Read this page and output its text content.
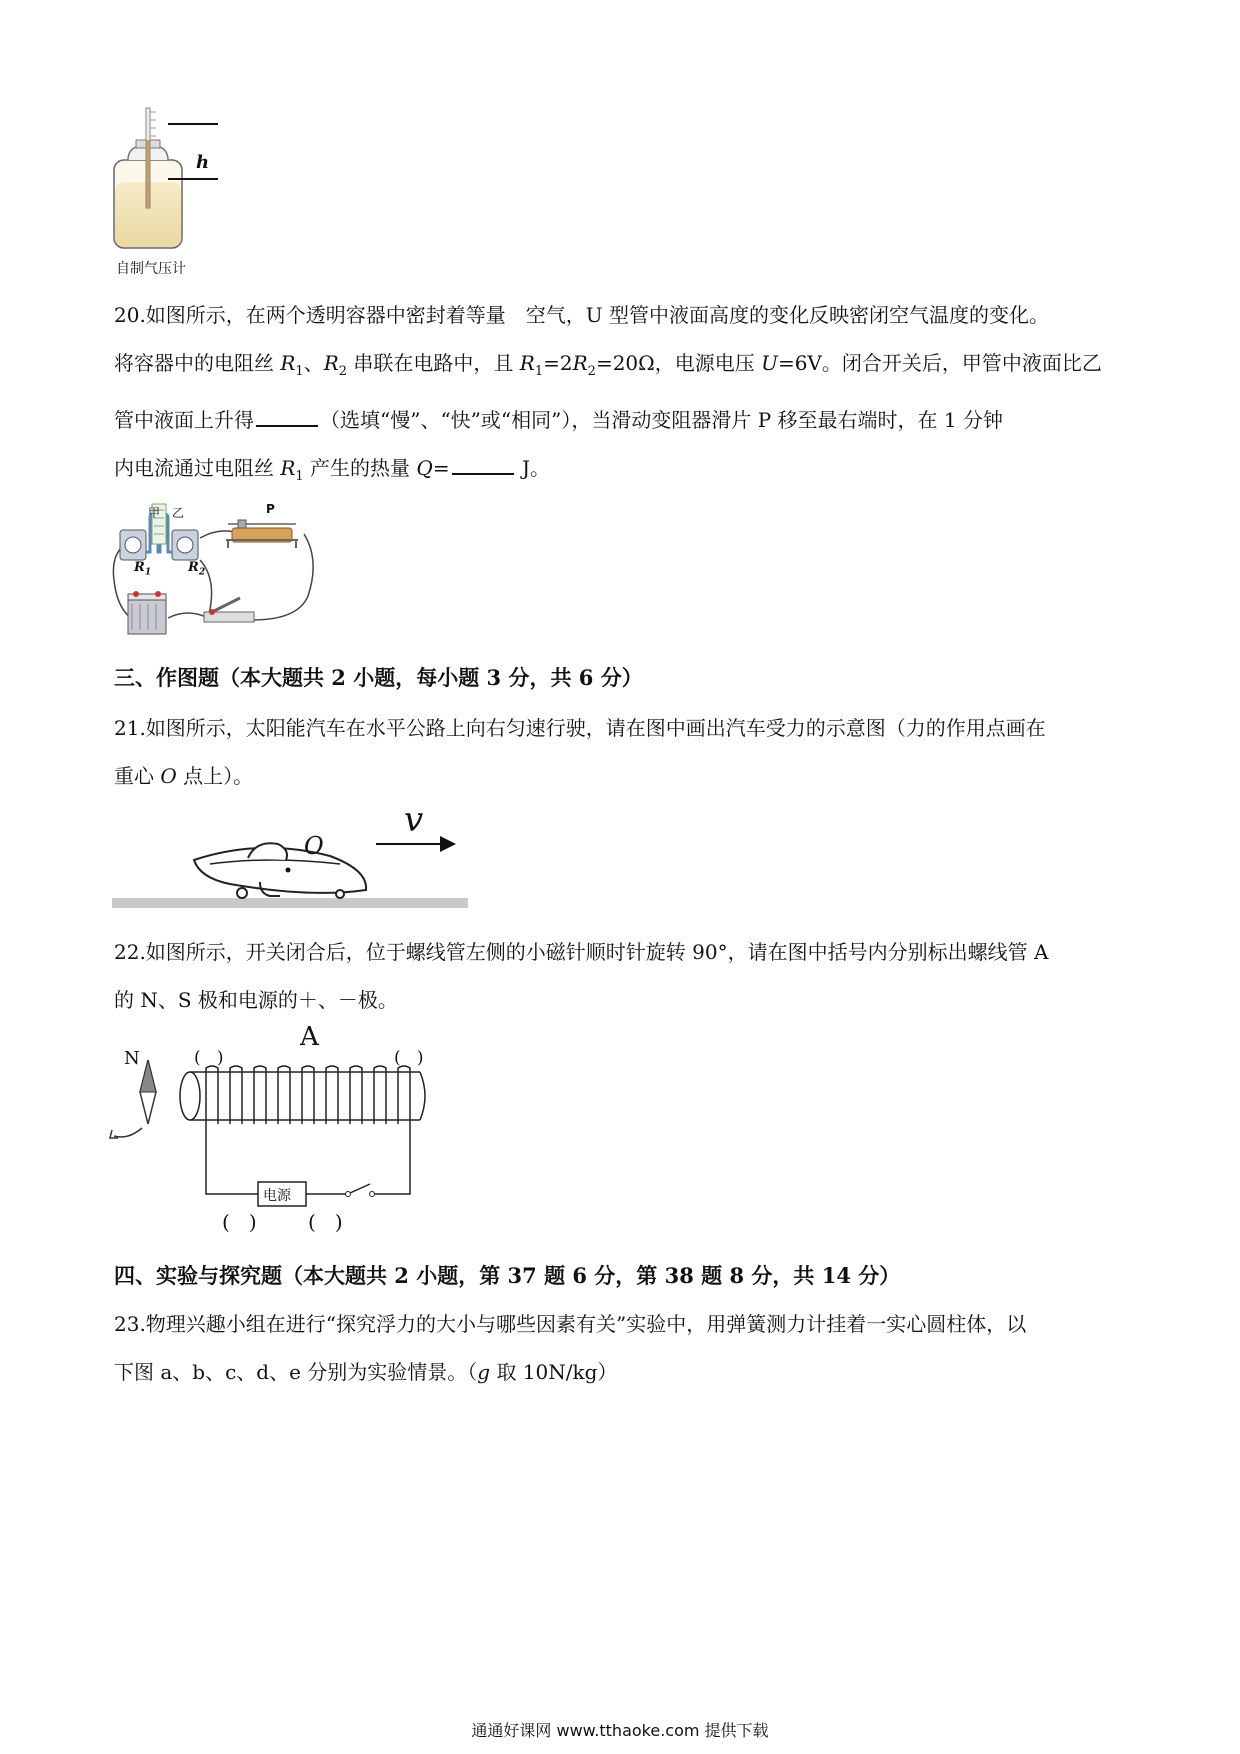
h
自制气压计
20.如图所示，在两个透明容器中密封着等量　空气，U 型管中液面高度的变化反映密闭空气温度的变化。
将容器中的电阻丝 $R_1$、$R_2$ 串联在电路中，且 $R_1=2R_2=20\Omega$，电源电压 U=6V。闭合开关后，甲管中液面比乙
管中液面上升得	（选填“慢”、“快”或“相同”），当滑动变阻器滑片 P 移至最右端时，在 1 分钟
内电流通过电阻丝 $R_1$ 产生的热量 Q=	J。
甲 乙	P
$R_1$	$R_2$
三、作图题（本大题共 2 小题，每小题 3 分，共 6 分）
21.如图所示，太阳能汽车在水平公路上向右匀速行驶，请在图中画出汽车受力的示意图（力的作用点画在
重心 O 点上）。
O
v
22.如图所示，开关闭合后，位于螺线管左侧的小磁针顺时针旋转 90°，请在图中括号内分别标出螺线管 A
的 N、S 极和电源的＋、－极。
N
A
(   )	(   )
电源
(   )	(   )
四、实验与探究题（本大题共 2 小题，第 37 题 6 分，第 38 题 8 分，共 14 分）
23.物理兴趣小组在进行“探究浮力的大小与哪些因素有关”实验中，用弹簧测力计挂着一实心圆柱体，以
下图 a、b、c、d、e 分别为实验情景。（g 取 10N/kg）
通通好课网 www.tthaoke.com 提供下载
